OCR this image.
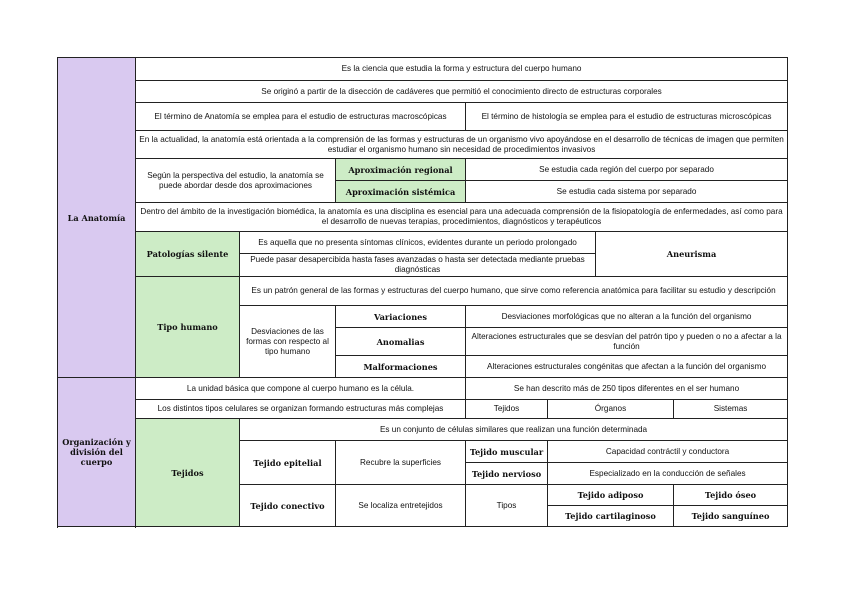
La Anatomía	Es la ciencia que estudia la forma y estructura del cuerpo humano						
	Se originó a partir de la disección de cadáveres que permitió el conocimiento directo de estructuras corporales						
	El término de Anatomía se emplea para el estudio de estructuras macroscópicas			El término de histología se emplea para el estudio de estructuras microscópicas			
	En la actualidad, la anatomía está orientada a la comprensión de las formas y estructuras de un organismo vivo apoyándose en el desarrollo de técnicas de imagen que permiten estudiar el organismo humano sin necesidad de procedimientos invasivos						
	Según la perspectiva del estudio, la anatomía se puede abordar desde dos aproximaciones		Aproximación regional	Se estudia cada región del cuerpo por separado			
			Aproximación sistémica	Se estudia cada sistema por separado			
	Dentro del ámbito de la investigación biomédica, la anatomía es una disciplina es esencial para una adecuada comprensión de la fisiopatología de enfermedades, así como para el desarrollo de nuevas terapias, procedimientos, diagnósticos y terapéuticos						
	Patologías silente	Es aquella que no presenta síntomas clínicos, evidentes durante un periodo prolongado				Aneurisma	
		Puede pasar desapercibida hasta fases avanzadas o hasta ser detectada mediante pruebas diagnósticas					
	Tipo humano	Es un patrón general de las formas y estructuras del cuerpo humano, que sirve como referencia anatómica para facilitar su estudio y descripción					
		Desviaciones de las formas con respecto al tipo humano	Variaciones	Desviaciones morfológicas que no alteran a la función del organismo			
			Anomalias	Alteraciones estructurales que se desvían del patrón tipo y pueden o no a afectar a la función			

			Malformaciones	Alteraciones estructurales congénitas que afectan a la función del organismo			
Organización y división del cuerpo	La unidad básica que compone al cuerpo humano es la célula.			Se han descrito más de 250 tipos diferentes en el ser humano			
	Los distintos tipos celulares se organizan formando estructuras más complejas			Tejidos	Órganos		Sistemas
	Tejidos	Es un conjunto de células similares que realizan una función determinada					
		Tejido epitelial	Recubre la superficies	Tejido muscular	Capacidad contráctil y conductora		
				Tejido nervioso	Especializado en la conducción de señales		
		Tejido conectivo	Se localiza entretejidos	Tipos	Tejido adiposo		Tejido óseo
					Tejido cartilaginoso		Tejido sanguíneo
